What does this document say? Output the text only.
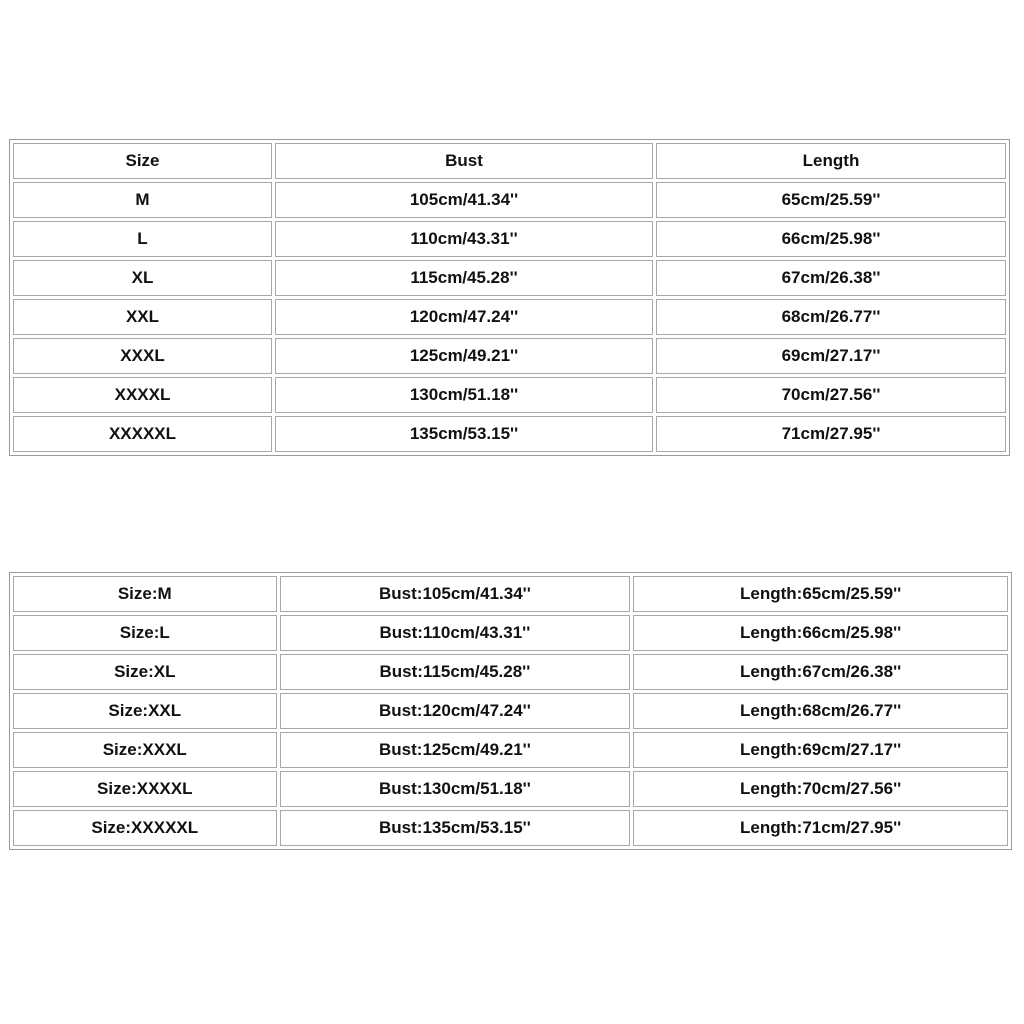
Size	Bust	Length
M	105cm/41.34''	65cm/25.59''
L	110cm/43.31''	66cm/25.98''
XL	115cm/45.28''	67cm/26.38''
XXL	120cm/47.24''	68cm/26.77''
XXXL	125cm/49.21''	69cm/27.17''
XXXXL	130cm/51.18''	70cm/27.56''
XXXXXL	135cm/53.15''	71cm/27.95''
Size:M	Bust:105cm/41.34''	Length:65cm/25.59''
Size:L	Bust:110cm/43.31''	Length:66cm/25.98''
Size:XL	Bust:115cm/45.28''	Length:67cm/26.38''
Size:XXL	Bust:120cm/47.24''	Length:68cm/26.77''
Size:XXXL	Bust:125cm/49.21''	Length:69cm/27.17''
Size:XXXXL	Bust:130cm/51.18''	Length:70cm/27.56''
Size:XXXXXL	Bust:135cm/53.15''	Length:71cm/27.95''
